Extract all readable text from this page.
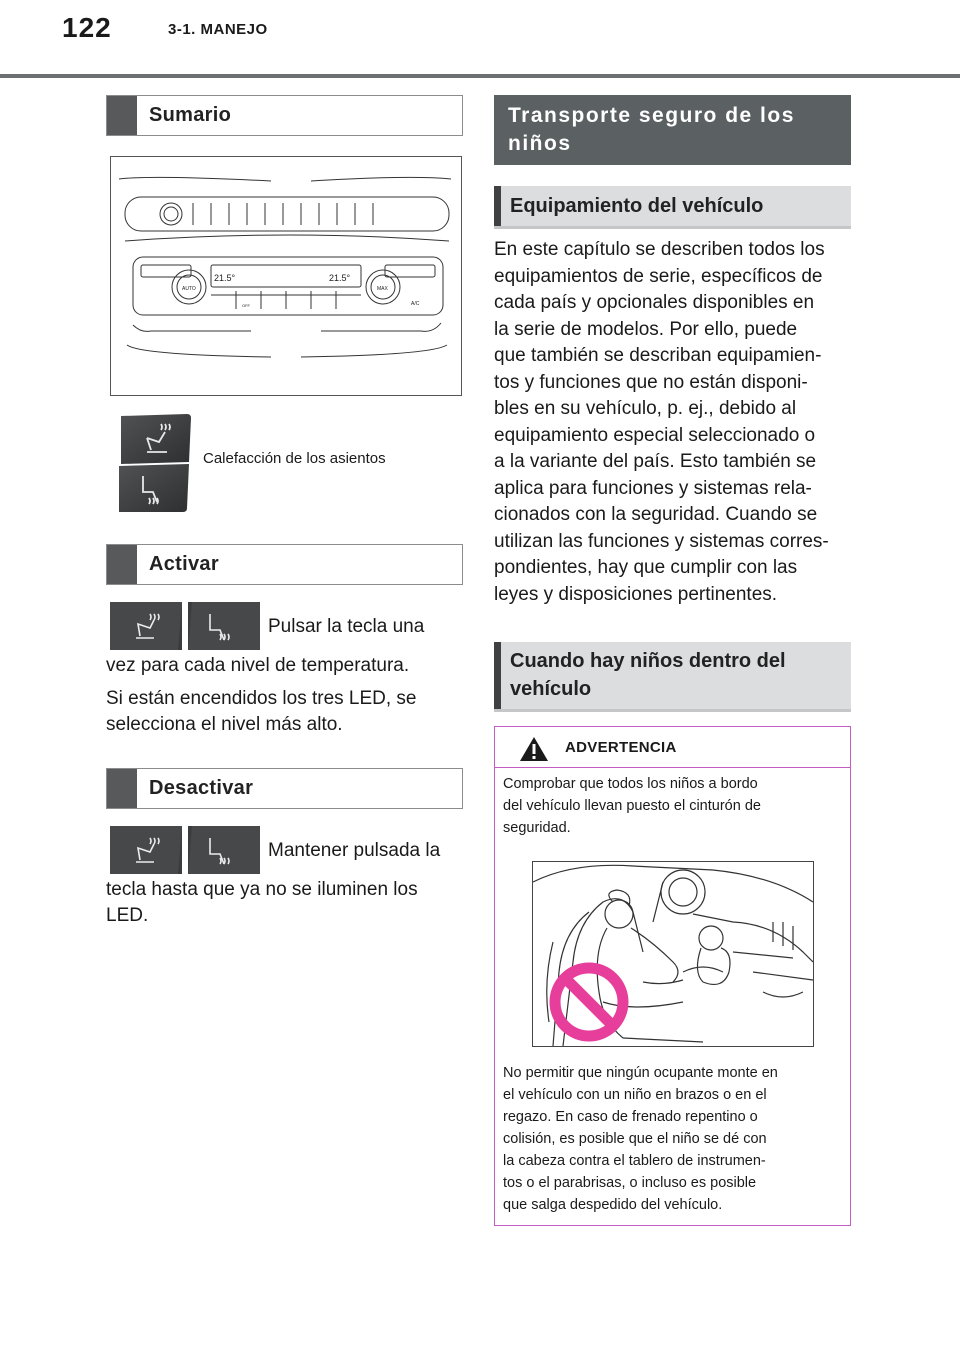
122	3-1. MANEJO
Sumario
21.5°	21.5°
AUTO	MAX
A/C
OFF
Calefacción de los asientos
Activar
Pulsar la tecla una
vez para cada nivel de temperatura.
Si están encendidos los tres LED, se
selecciona el nivel más alto.
Desactivar
Mantener pulsada la
tecla hasta que ya no se iluminen los
LED.
Transporte seguro de los
niños
Equipamiento del vehículo
En este capítulo se describen todos los
equipamientos de serie, específicos de
cada país y opcionales disponibles en
la serie de modelos. Por ello, puede
que también se describan equipamien-
tos y funciones que no están disponi-
bles en su vehículo, p. ej., debido al
equipamiento especial seleccionado o
a la variante del país. Esto también se
aplica para funciones y sistemas rela-
cionados con la seguridad. Cuando se
utilizan las funciones y sistemas corres-
pondientes, hay que cumplir con las
leyes y disposiciones pertinentes.
Cuando hay niños dentro del
vehículo
ADVERTENCIA
Comprobar que todos los niños a bordo
del vehículo llevan puesto el cinturón de
seguridad.
No permitir que ningún ocupante monte en
el vehículo con un niño en brazos o en el
regazo. En caso de frenado repentino o
colisión, es posible que el niño se dé con
la cabeza contra el tablero de instrumen-
tos o el parabrisas, o incluso es posible
que salga despedido del vehículo.
